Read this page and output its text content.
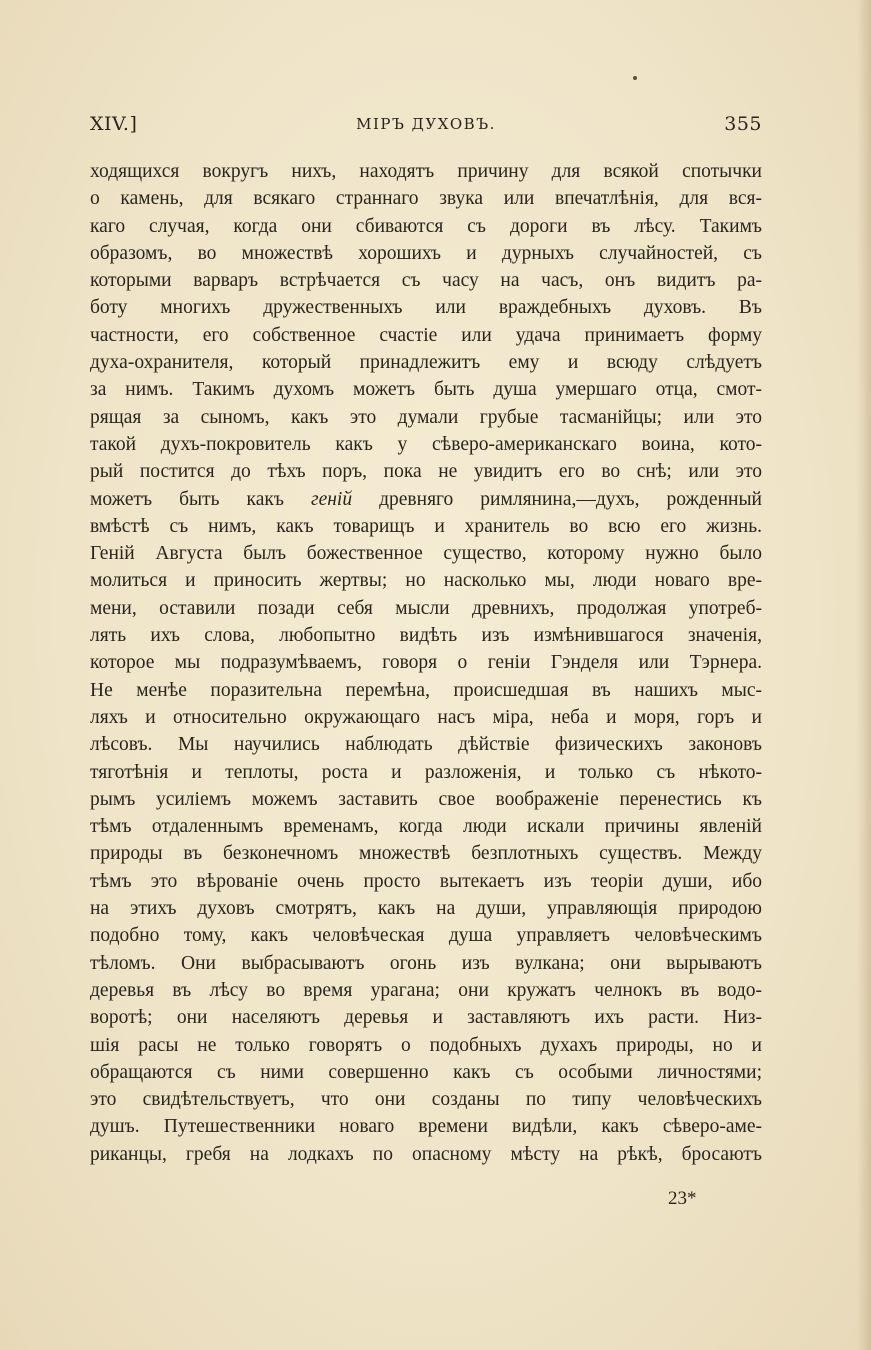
XIV.]	МІРЪ ДУХОВЪ.	355
ходящихся вокругъ нихъ, находятъ причину для всякой спотычки
о камень, для всякаго страннаго звука или впечатлѣнія, для вся-
каго случая, когда они сбиваются съ дороги въ лѣсу. Такимъ
образомъ, во множествѣ хорошихъ и дурныхъ случайностей, съ
которыми варваръ встрѣчается съ часу на часъ, онъ видитъ ра-
боту многихъ дружественныхъ или враждебныхъ духовъ. Въ
частности, его собственное счастіе или удача принимаетъ форму
духа-охранителя, который принадлежитъ ему и всюду слѣдуетъ
за нимъ. Такимъ духомъ можетъ быть душа умершаго отца, смот-
рящая за сыномъ, какъ это думали грубые тасманійцы; или это
такой духъ-покровитель какъ у сѣверо-американскаго воина, кото-
рый постится до тѣхъ поръ, пока не увидитъ его во снѣ; или это
можетъ быть какъ геній древняго римлянина,—духъ, рожденный
вмѣстѣ съ нимъ, какъ товарищъ и хранитель во всю его жизнь.
Геній Августа былъ божественное существо, которому нужно было
молиться и приносить жертвы; но насколько мы, люди новаго вре-
мени, оставили позади себя мысли древнихъ, продолжая употреб-
лять ихъ слова, любопытно видѣть изъ измѣнившагося значенія,
которое мы подразумѣваемъ, говоря о геніи Гэнделя или Тэрнера.
Не менѣе поразительна перемѣна, происшедшая въ нашихъ мыс-
ляхъ и относительно окружающаго насъ міра, неба и моря, горъ и
лѣсовъ. Мы научились наблюдать дѣйствіе физическихъ законовъ
тяготѣнія и теплоты, роста и разложенія, и только съ нѣкото-
рымъ усиліемъ можемъ заставить свое воображеніе перенестись къ
тѣмъ отдаленнымъ временамъ, когда люди искали причины явленій
природы въ безконечномъ множествѣ безплотныхъ существъ. Между
тѣмъ это вѣрованіе очень просто вытекаетъ изъ теоріи души, ибо
на этихъ духовъ смотрятъ, какъ на души, управляющія природою
подобно тому, какъ человѣческая душа управляетъ человѣческимъ
тѣломъ. Они выбрасываютъ огонь изъ вулкана; они вырываютъ
деревья въ лѣсу во время урагана; они кружатъ челнокъ въ водо-
воротѣ; они населяютъ деревья и заставляютъ ихъ расти. Низ-
шія расы не только говорятъ о подобныхъ духахъ природы, но и
обращаются съ ними совершенно какъ съ особыми личностями;
это свидѣтельствуетъ, что они созданы по типу человѣческихъ
душъ. Путешественники новаго времени видѣли, какъ сѣверо-аме-
риканцы, гребя на лодкахъ по опасному мѣсту на рѣкѣ, бросаютъ
23*
